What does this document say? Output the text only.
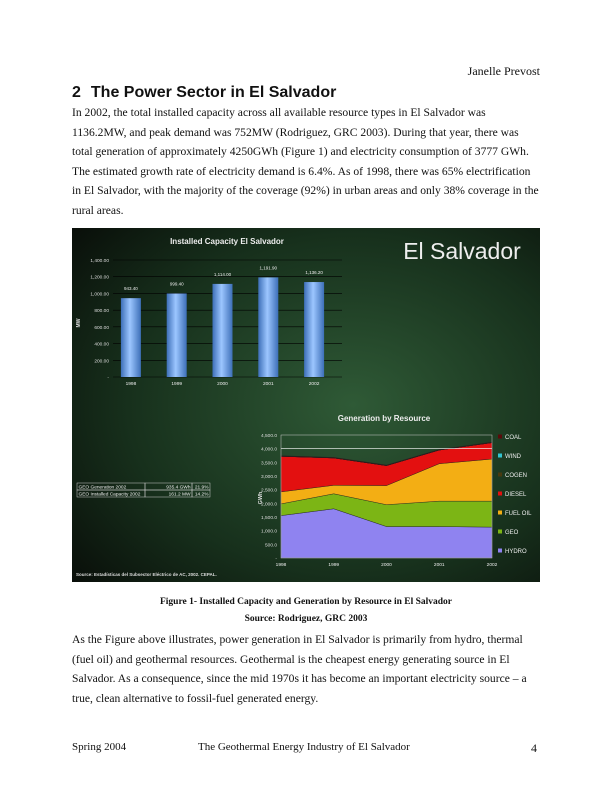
Janelle Prevost
2 The Power Sector in El Salvador

In 2002, the total installed capacity across all available resource types in El Salvador was 1136.2MW, and peak demand was 752MW (Rodriguez, GRC 2003). During that year, there was total generation of approximately 4250GWh (Figure 1) and electricity consumption of 3777 GWh. The estimated growth rate of electricity demand is 6.4%. As of 1998, there was 65% electrification in El Salvador, with the majority of the coverage (92%) in urban areas and only 38% coverage in the rural areas.

El Salvador
Installed Capacity El Salvador
MW
-
200.00
400.00
600.00
800.00
1,000.00
1,200.00
1,400.00
943.40
1998
999.40
1999
1,114.00
2000
1,191.90
2001
1,136.20
2002
Generation by Resource
GWh
-
500.0
1,000.0
1,500.0
2,000.0
2,500.0
3,000.0
3,500.0
4,000.0
4,500.0
1998	1999	2000	2001	2002
COAL
WIND
COGEN
DIESEL
FUEL OIL
GEO
HYDRO
GEO Generation 2002	935.4 GWh 21.9%
GEO Installed Capacity 2002	161.2 MW 14.2%
Source: Estadísticas del Subsector Eléctrico de AC, 2002. CEPAL.
Figure 1- Installed Capacity and Generation by Resource in El Salvador
Source: Rodriguez, GRC 2003

As the Figure above illustrates, power generation in El Salvador is primarily from hydro, thermal (fuel oil) and geothermal resources. Geothermal is the cheapest energy generating source in El Salvador. As a consequence, since the mid 1970s it has become an important electricity source – a true, clean alternative to fossil-fuel generated energy.

Spring 2004	The Geothermal Energy Industry of El Salvador	4
